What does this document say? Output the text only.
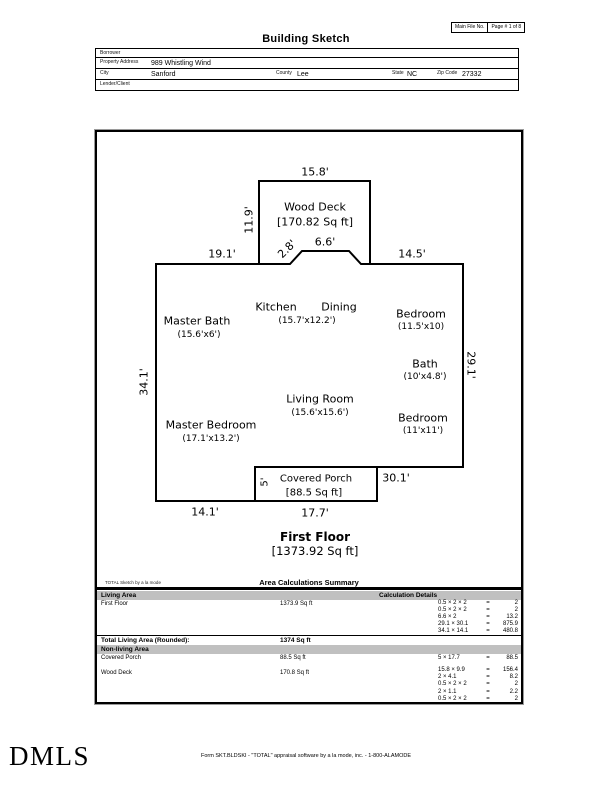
Main File No.	Page # 1 of 8
Building Sketch
Borrower
Property Address 989 Whistling Wind
City	Sanford	County Lee	State NC	Zip Code 27332
Lender/Client
15.8'
11.9'
6.6'
2.8'
19.1'	14.5'
34.1'
29.1'
30.1'
14.1'	17.7'
5'
Wood Deck
[170.82 Sq ft]
Kitchen Dining
(15.7'x12.2')
Master Bath
(15.6'x6')
Bedroom
(11.5'x10)
Bath
(10'x4.8')
Living Room
(15.6'x15.6')
Master Bedroom
(17.1'x13.2')
Bedroom
(11'x11')
Covered Porch
[88.5 Sq ft]
First Floor
[1373.92 Sq ft]
TOTAL Sketch by a la mode	Area Calculations Summary
Living Area	Calculation Details
First Floor	1373.9 Sq ft	0.5 × 2 × 2	=	2
0.5 × 2 × 2	=	2
6.6 × 2	=	13.2
29.1 × 30.1	=	875.9
34.1 × 14.1	=	480.8
Total Living Area (Rounded):	1374 Sq ft
Non-living Area
Covered Porch	88.5 Sq ft	5 × 17.7	=	88.5
Wood Deck	170.8 Sq ft	15.8 × 9.9	=	156.4
2 × 4.1	=	8.2
0.5 × 2 × 2	=	2
2 × 1.1	=	2.2
0.5 × 2 × 2	=	2
DMLS	Form SKT.BLDSKI - "TOTAL" appraisal software by a la mode, inc. - 1-800-ALAMODE
